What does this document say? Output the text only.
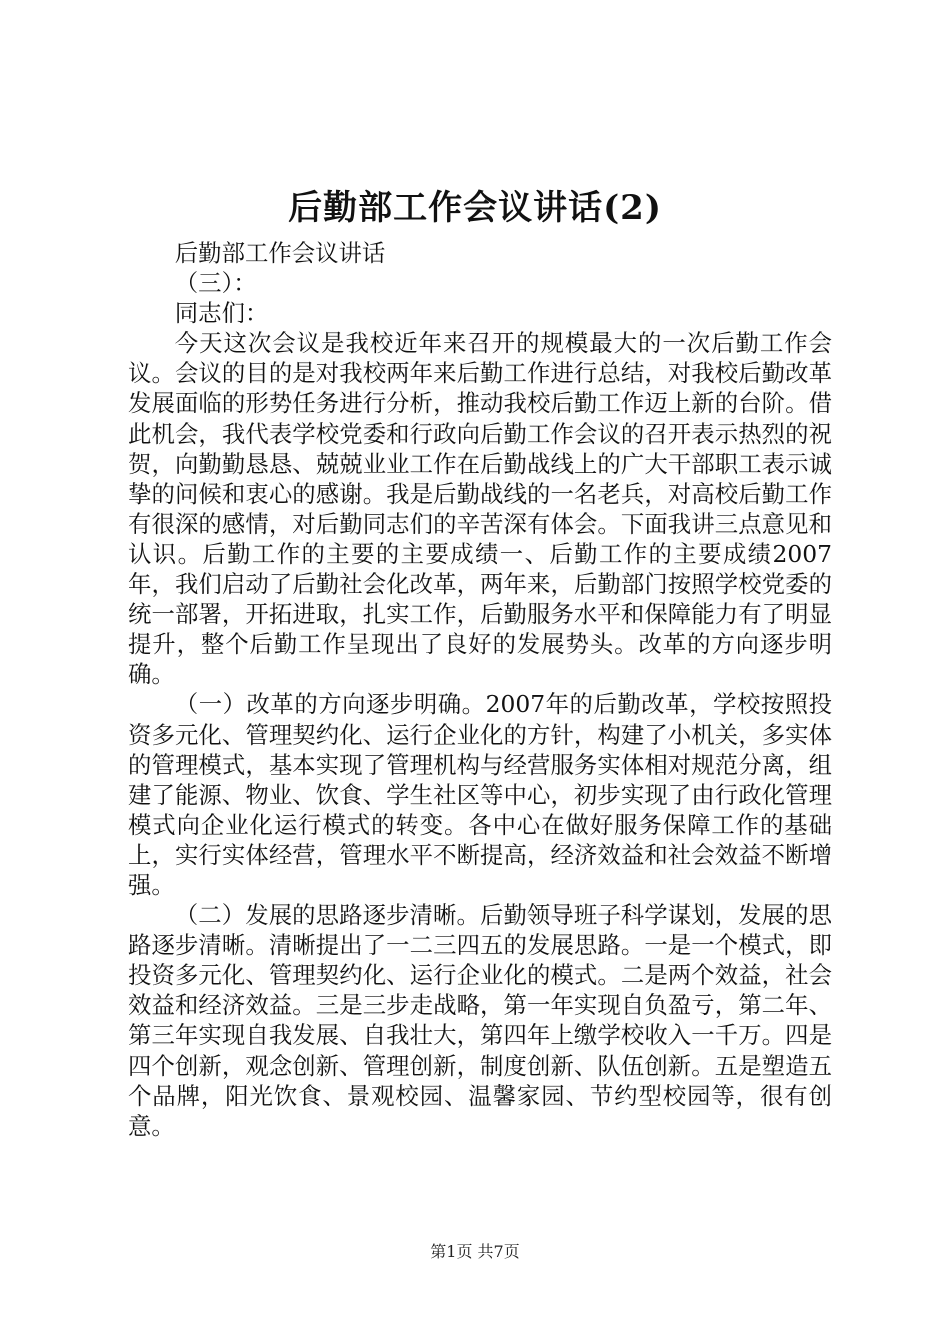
后勤部工作会议讲话(2)

后勤部工作会议讲话

（三）：

同志们：

今天这次会议是我校近年来召开的规模最大的一次后勤工作会议。会议的目的是对我校两年来后勤工作进行总结，对我校后勤改革发展面临的形势任务进行分析，推动我校后勤工作迈上新的台阶。借此机会，我代表学校党委和行政向后勤工作会议的召开表示热烈的祝贺，向勤勤恳恳、兢兢业业工作在后勤战线上的广大干部职工表示诚挚的问候和衷心的感谢。我是后勤战线的一名老兵，对高校后勤工作有很深的感情，对后勤同志们的辛苦深有体会。下面我讲三点意见和认识。后勤工作的主要的主要成绩一、后勤工作的主要成绩2007年，我们启动了后勤社会化改革，两年来，后勤部门按照学校党委的统一部署，开拓进取，扎实工作，后勤服务水平和保障能力有了明显提升，整个后勤工作呈现出了良好的发展势头。改革的方向逐步明确。

（一）改革的方向逐步明确。2007年的后勤改革，学校按照投资多元化、管理契约化、运行企业化的方针，构建了小机关，多实体的管理模式，基本实现了管理机构与经营服务实体相对规范分离，组建了能源、物业、饮食、学生社区等中心，初步实现了由行政化管理模式向企业化运行模式的转变。各中心在做好服务保障工作的基础上，实行实体经营，管理水平不断提高，经济效益和社会效益不断增强。

（二）发展的思路逐步清晰。后勤领导班子科学谋划，发展的思路逐步清晰。清晰提出了一二三四五的发展思路。一是一个模式，即投资多元化、管理契约化、运行企业化的模式。二是两个效益，社会效益和经济效益。三是三步走战略，第一年实现自负盈亏，第二年、第三年实现自我发展、自我壮大，第四年上缴学校收入一千万。四是四个创新，观念创新、管理创新，制度创新、队伍创新。五是塑造五个品牌，阳光饮食、景观校园、温馨家园、节约型校园等，很有创意。

第1页 共7页
